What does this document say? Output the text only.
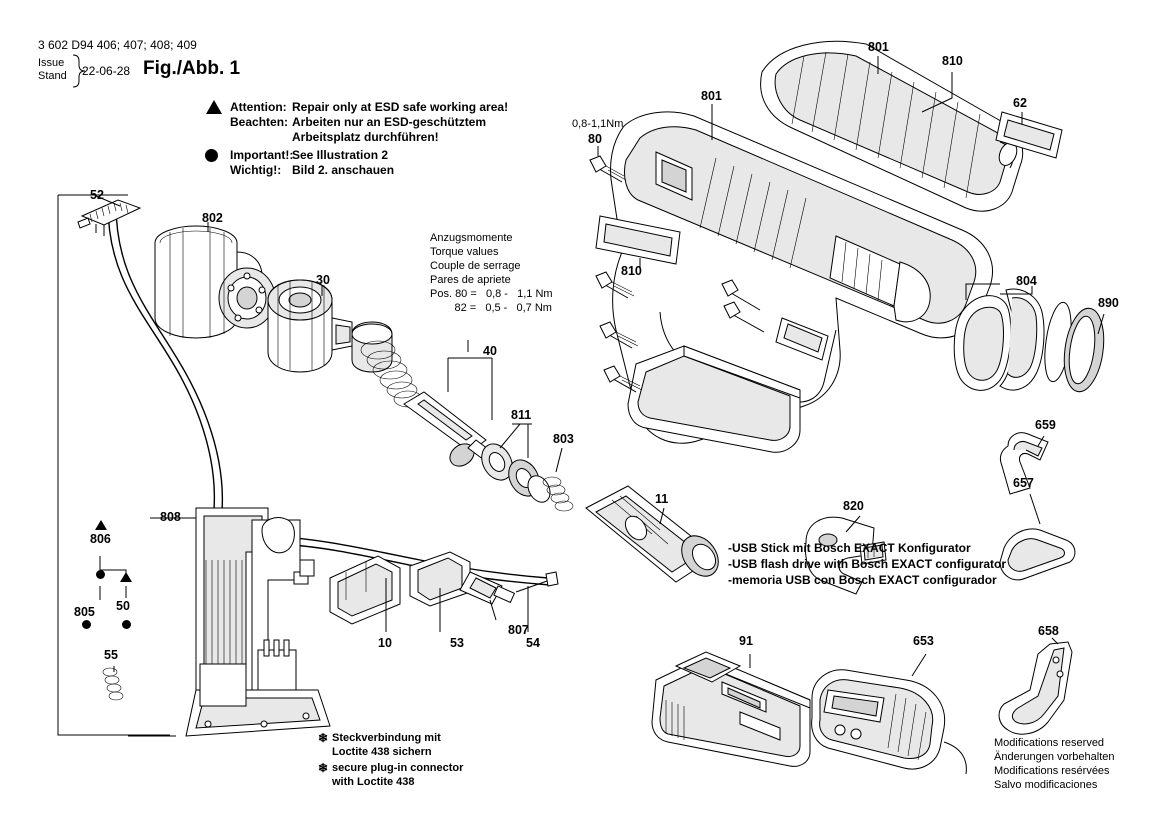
3 602 D94 406; 407; 408; 409
Issue
Stand 22-06-28 Fig./Abb. 1
Attention: Repair only at ESD safe working area!
Beachten: Arbeiten nur an ESD-geschütztem
Arbeitsplatz durchführen!
Important!:
See Illustration 2
Wichtig!: Bild 2. anschauen
Anzugsmomente
Torque values
Couple de serrage
Pares de apriete
Pos. 80 =   0,8 -   1,1 Nm
82 =   0,5 -   0,7 Nm
0,8-1,1Nm
-USB Stick mit Bosch EXACT Konfigurator
-USB flash drive with Bosch EXACT configurator
-memoria USB con Bosch EXACT configurador
❄ Steckverbindung mit
Loctite 438 sichern
❄ secure plug-in connector
with Loctite 438
Modifications reserved
Änderungen vorbehalten
Modifications resérvées
Salvo modificaciones
52
802
30
40
811
803
11
806
805 50
55
808
10	53
807
54
801
810
62
801
80
810
804
890
659
657
820
91	653
658
